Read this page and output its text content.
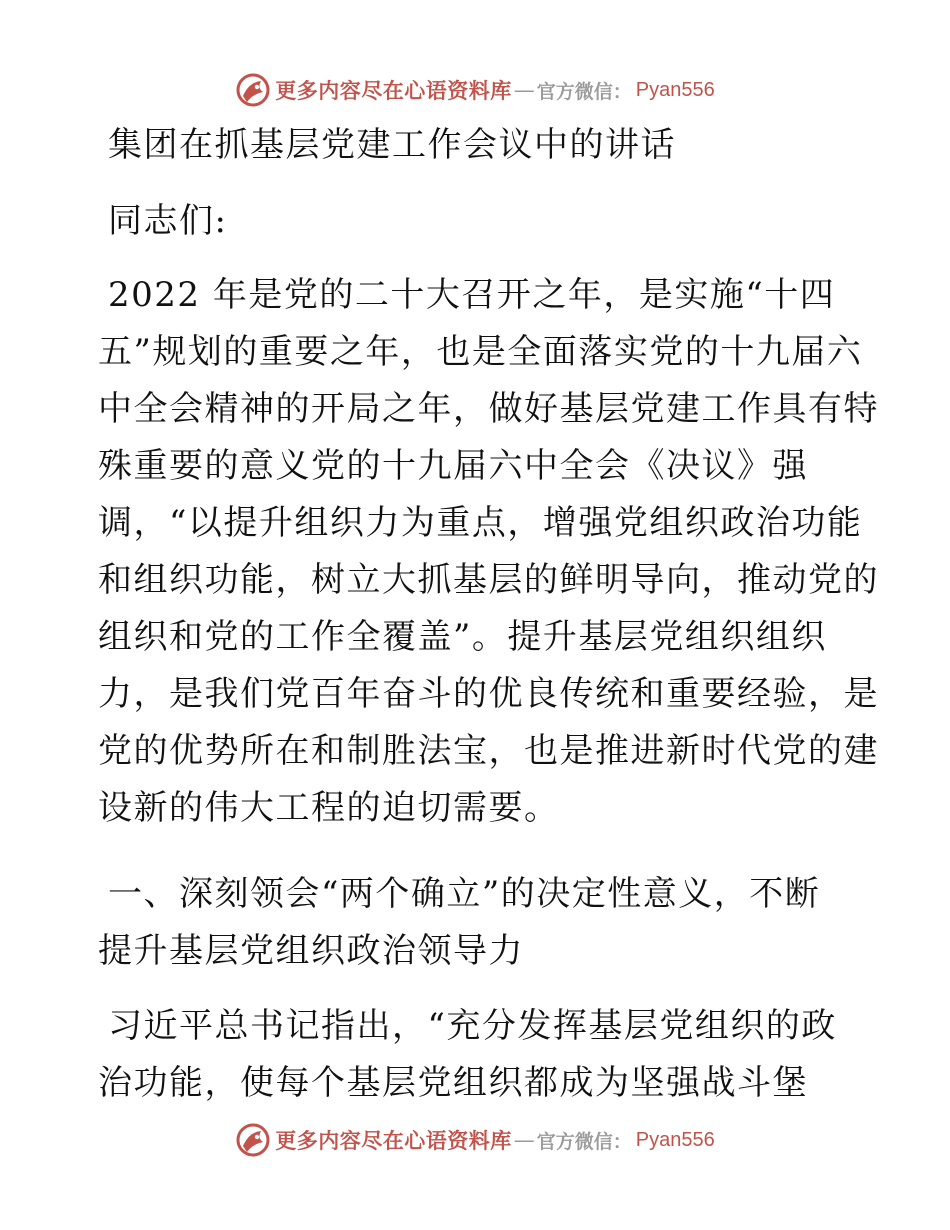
更多内容尽在心语资料库 — 官方微信： Pyan556
集团在抓基层党建工作会议中的讲话
同志们:
2022 年是党的二十大召开之年，是实施“十四
五”规划的重要之年，也是全面落实党的十九届六
中全会精神的开局之年，做好基层党建工作具有特
殊重要的意义党的十九届六中全会《决议》强
调，“以提升组织力为重点，增强党组织政治功能
和组织功能，树立大抓基层的鲜明导向，推动党的
组织和党的工作全覆盖”。提升基层党组织组织
力，是我们党百年奋斗的优良传统和重要经验，是
党的优势所在和制胜法宝，也是推进新时代党的建
设新的伟大工程的迫切需要。
一、深刻领会“两个确立”的决定性意义，不断
提升基层党组织政治领导力
习近平总书记指出，“充分发挥基层党组织的政
治功能，使每个基层党组织都成为坚强战斗堡
更多内容尽在心语资料库 — 官方微信： Pyan556
